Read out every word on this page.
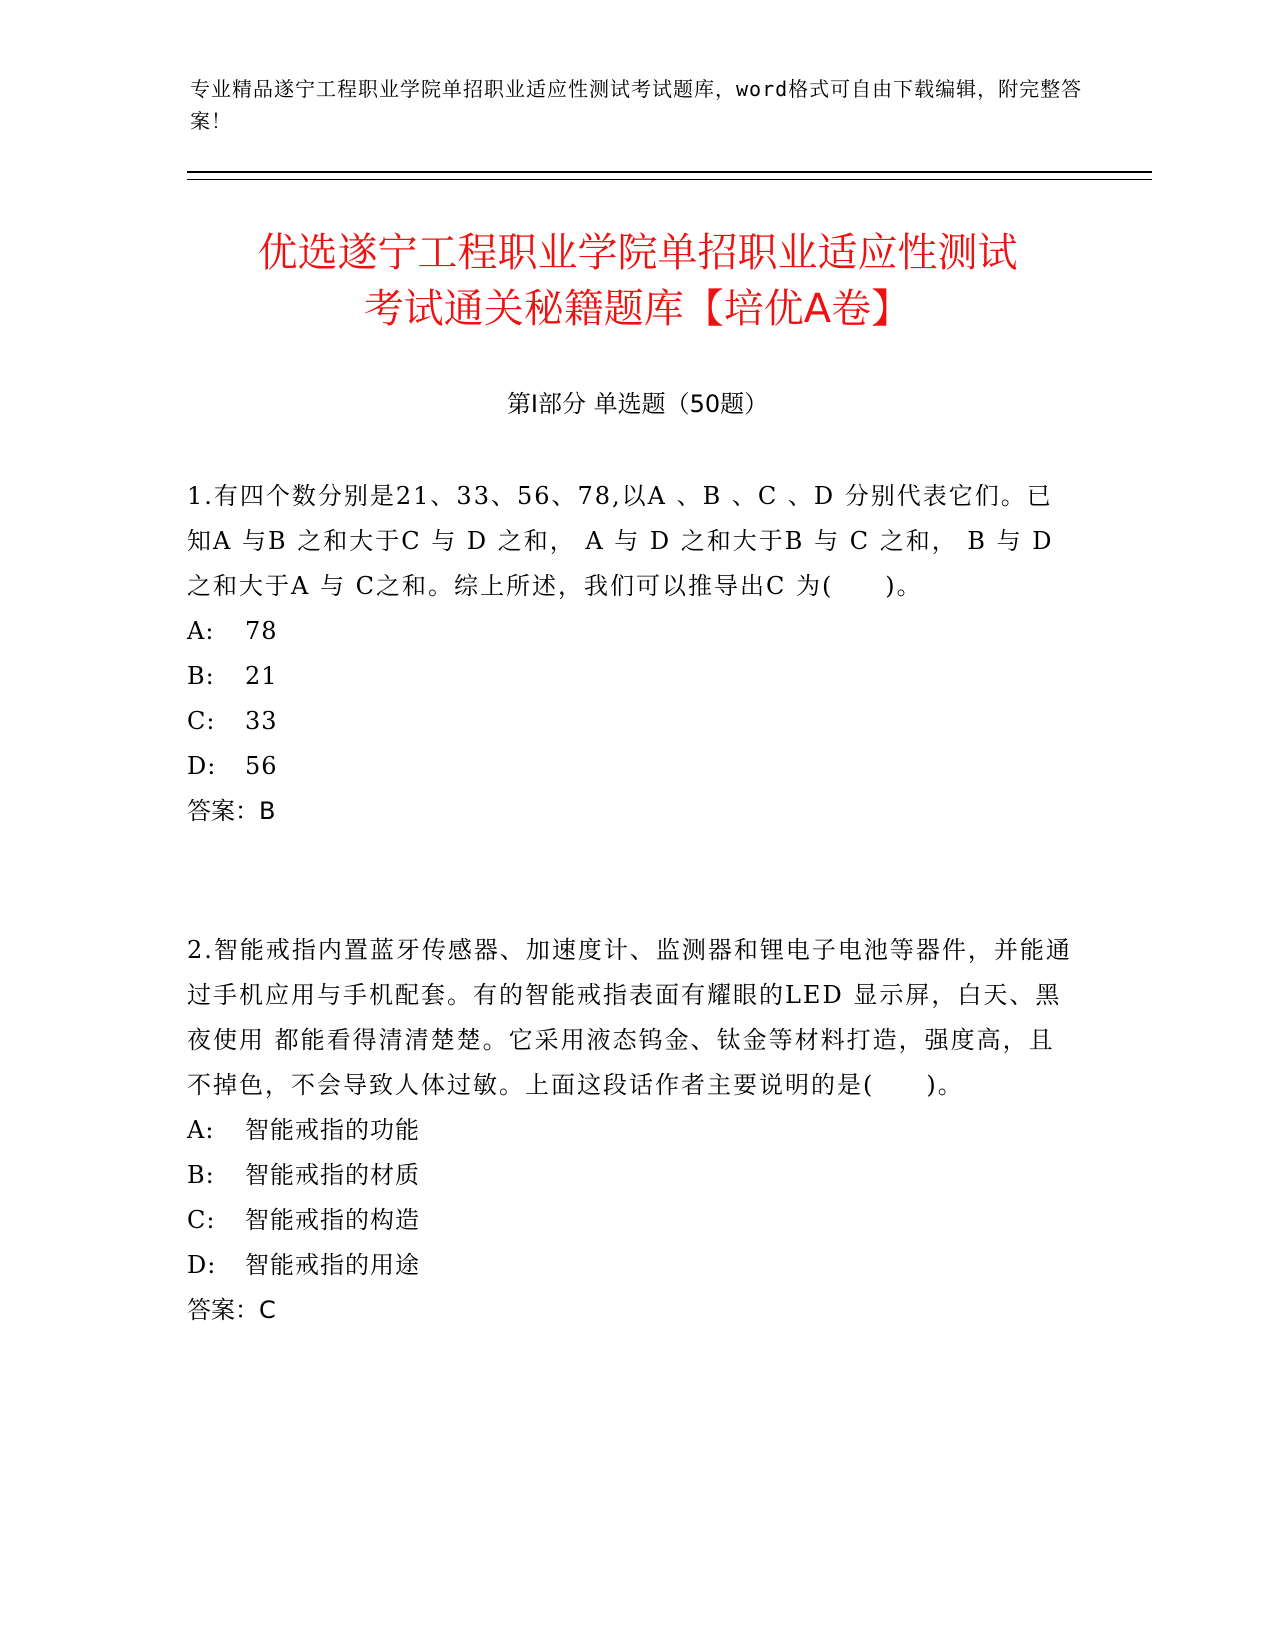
专业精品遂宁工程职业学院单招职业适应性测试考试题库，word格式可自由下载编辑，附完整答案！
优选遂宁工程职业学院单招职业适应性测试
考试通关秘籍题库【培优A卷】
第Ⅰ部分 单选题（50题）

1.有四个数分别是21、33、56、78,以A 、B 、C 、D 分别代表它们。已知A 与B 之和大于C 与 D 之和， A 与 D 之和大于B 与 C 之和， B 与 D 之和大于A 与 C之和。综上所述，我们可以推导出C 为(　　)。

A:	78
B:	21
C:	33
D:	56

答案：B

2.智能戒指内置蓝牙传感器、加速度计、监测器和锂电子电池等器件，并能通 过手机应用与手机配套。有的智能戒指表面有耀眼的LED 显示屏，白天、黑夜使用 都能看得清清楚楚。它采用液态钨金、钛金等材料打造，强度高，且不掉色，不会导致人体过敏。上面这段话作者主要说明的是(　　)。

A:	智能戒指的功能
B:	智能戒指的材质
C:	智能戒指的构造
D:	智能戒指的用途

答案：C
